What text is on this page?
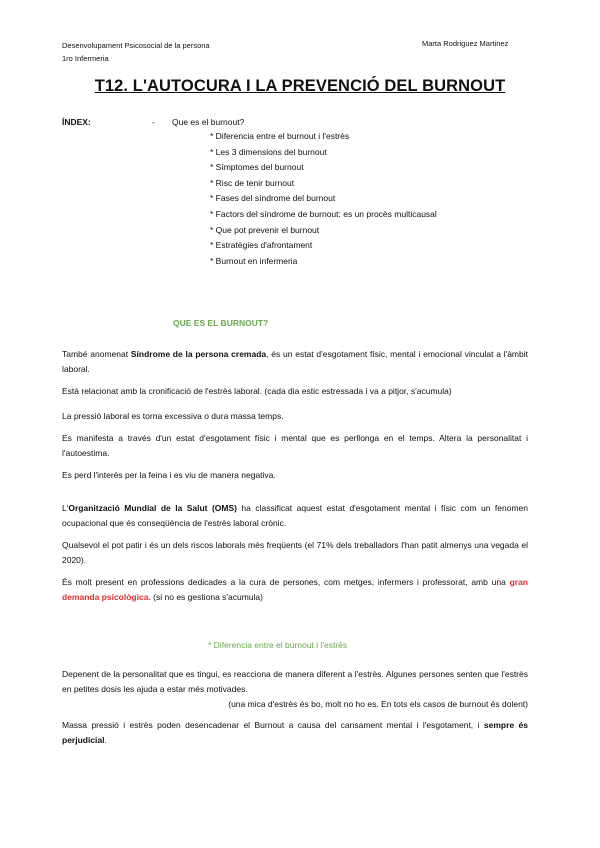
Desenvolupament Psicosocial de la persona
1ro Infermeria
Marta Rodriguez Martinez
T12. L'AUTOCURA I LA PREVENCIÓ DEL BURNOUT
ÍNDEX:	- Que es el burnout?
* Diferencia entre el burnout i l'estrès
* Les 3 dimensions del burnout
* Símptomes del burnout
* Risc de tenir burnout
* Fases del síndrome del burnout
* Factors del síndrome de burnout: es un procès multicausal
* Que pot prevenir el burnout
* Estratègies d'afrontament
* Burnout en infermeria
QUE ES EL BURNOUT?

També anomenat Síndrome de la persona cremada, és un estat d'esgotament físic, mental i emocional vinculat a l'àmbit laboral.

Està relacionat amb la cronificació de l'estrès laboral. (cada dia estic estressada i va a pitjor, s'acumula)

La pressió laboral es torna excessiva o dura massa temps.

Es manifesta a través d'un estat d'esgotament físic i mental que es perllonga en el temps. Altera la personalitat i l'autoestima.

Es perd l'interès per la feina i es viu de manera negativa.

L'Organització Mundial de la Salut (OMS) ha classificat aquest estat d'esgotament mental i físic com un fenomen ocupacional que és conseqüència de l'estrès laboral crònic.

Qualsevol el pot patir i és un dels riscos laborals més freqüents (el 71% dels treballadors l'han patit almenys una vegada el 2020).

És molt present en professions dedicades a la cura de persones, com metges, infermers i professorat, amb una gran demanda psicològica. (si no es gestiona s'acumula)

* Diferencia entre el burnout i l'estrès

Depenent de la personalitat que es tingui, es reacciona de manera diferent a l'estrès. Algunes persones senten que l'estrès en petites dosis les ajuda a estar més motivades.
(una mica d'estrès és bo, molt no ho es. En tots els casos de burnout és dolent)

Massa pressió i estrès poden desencadenar el Burnout a causa del cansament mental i l'esgotament, i sempre és perjudicial.
